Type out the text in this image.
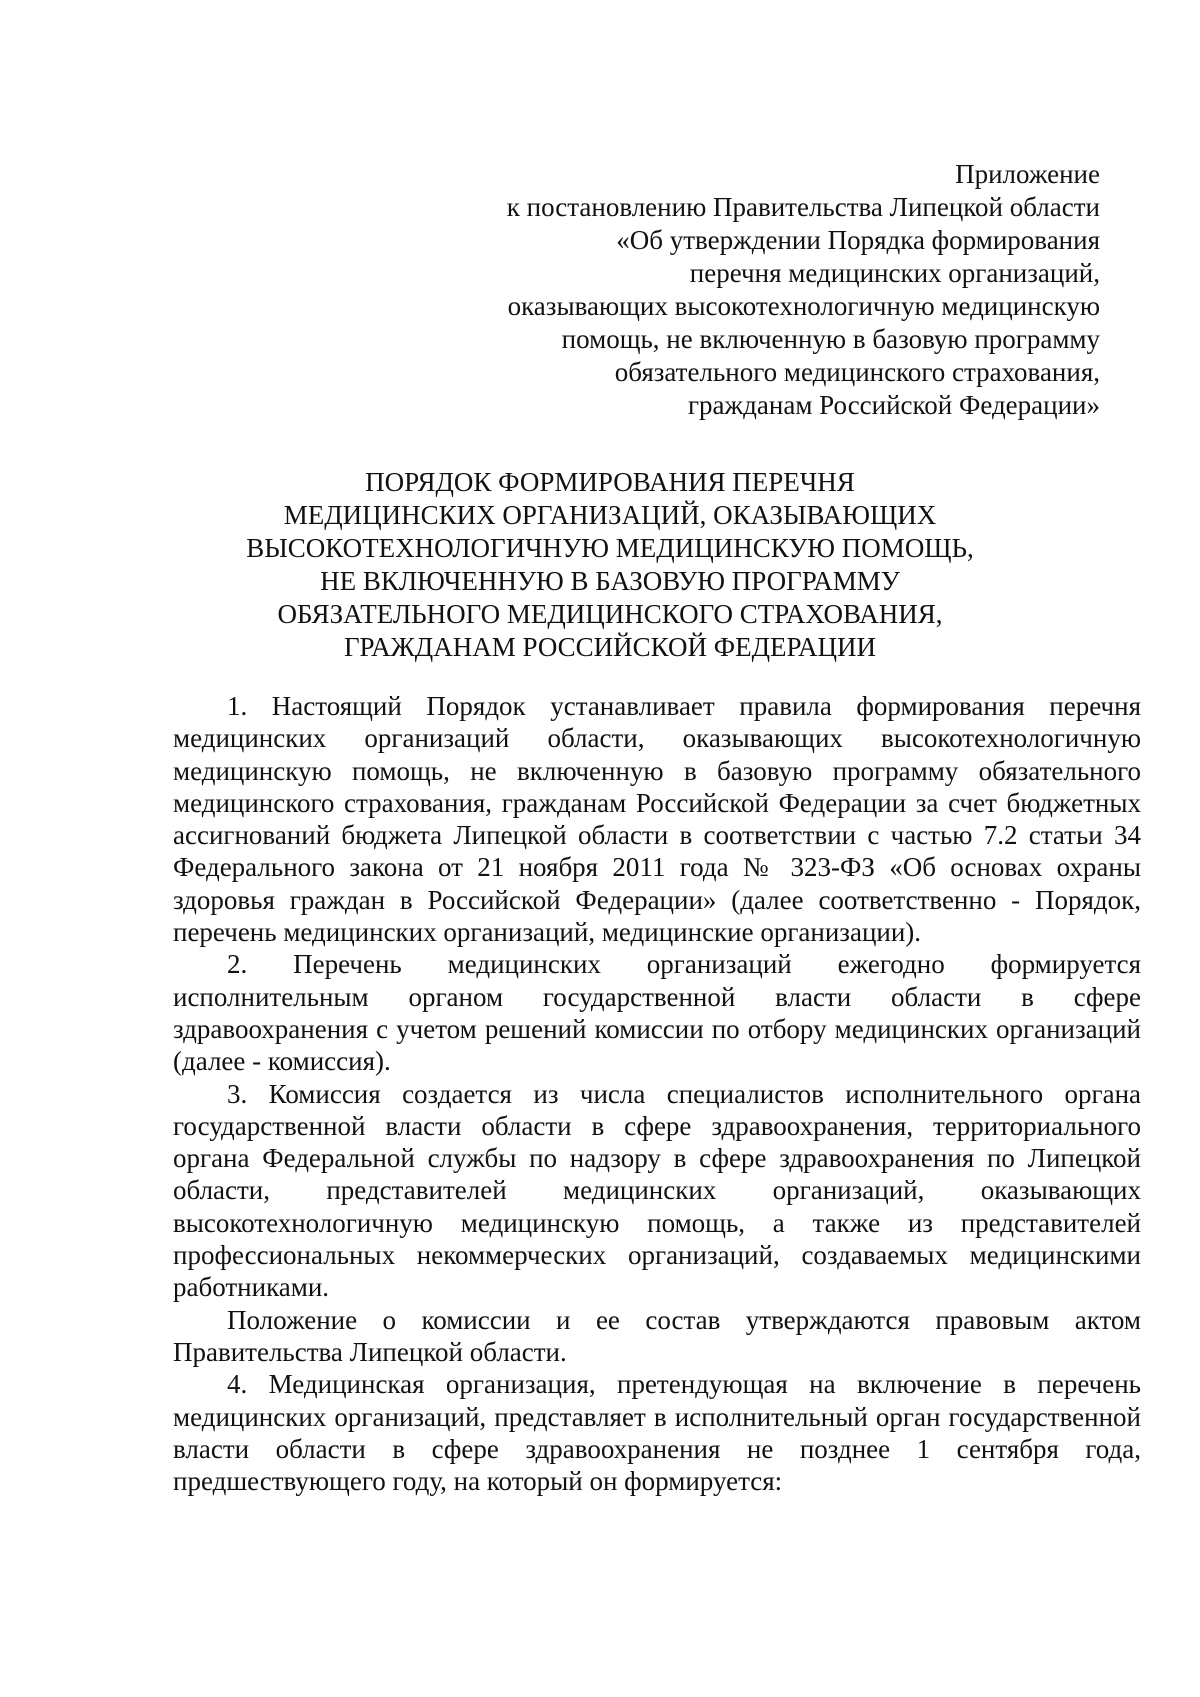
Приложение
к постановлению Правительства Липецкой области
«Об утверждении Порядка формирования
перечня медицинских организаций,
оказывающих высокотехнологичную медицинскую
помощь, не включенную в базовую программу
обязательного медицинского страхования,
гражданам Российской Федерации»
ПОРЯДОК ФОРМИРОВАНИЯ ПЕРЕЧНЯ
МЕДИЦИНСКИХ ОРГАНИЗАЦИЙ, ОКАЗЫВАЮЩИХ
ВЫСОКОТЕХНОЛОГИЧНУЮ МЕДИЦИНСКУЮ ПОМОЩЬ,
НЕ ВКЛЮЧЕННУЮ В БАЗОВУЮ ПРОГРАММУ
ОБЯЗАТЕЛЬНОГО МЕДИЦИНСКОГО СТРАХОВАНИЯ,
ГРАЖДАНАМ РОССИЙСКОЙ ФЕДЕРАЦИИ

1. Настоящий Порядок устанавливает правила формирования перечня медицинских организаций области, оказывающих высокотехнологичную медицинскую помощь, не включенную в базовую программу обязательного медицинского страхования, гражданам Российской Федерации за счет бюджетных ассигнований бюджета Липецкой области в соответствии с частью 7.2 статьи 34 Федерального закона от 21 ноября 2011 года № 323-ФЗ «Об основах охраны здоровья граждан в Российской Федерации» (далее соответственно - Порядок, перечень медицинских организаций, медицинские организации).

2. Перечень медицинских организаций ежегодно формируется исполнительным органом государственной власти области в сфере здравоохранения с учетом решений комиссии по отбору медицинских организаций (далее - комиссия).

3. Комиссия создается из числа специалистов исполнительного органа государственной власти области в сфере здравоохранения, территориального органа Федеральной службы по надзору в сфере здравоохранения по Липецкой области, представителей медицинских организаций, оказывающих высокотехнологичную медицинскую помощь, а также из представителей профессиональных некоммерческих организаций, создаваемых медицинскими работниками.

Положение о комиссии и ее состав утверждаются правовым актом Правительства Липецкой области.

4. Медицинская организация, претендующая на включение в перечень медицинских организаций, представляет в исполнительный орган государственной власти области в сфере здравоохранения не позднее 1 сентября года, предшествующего году, на который он формируется:
